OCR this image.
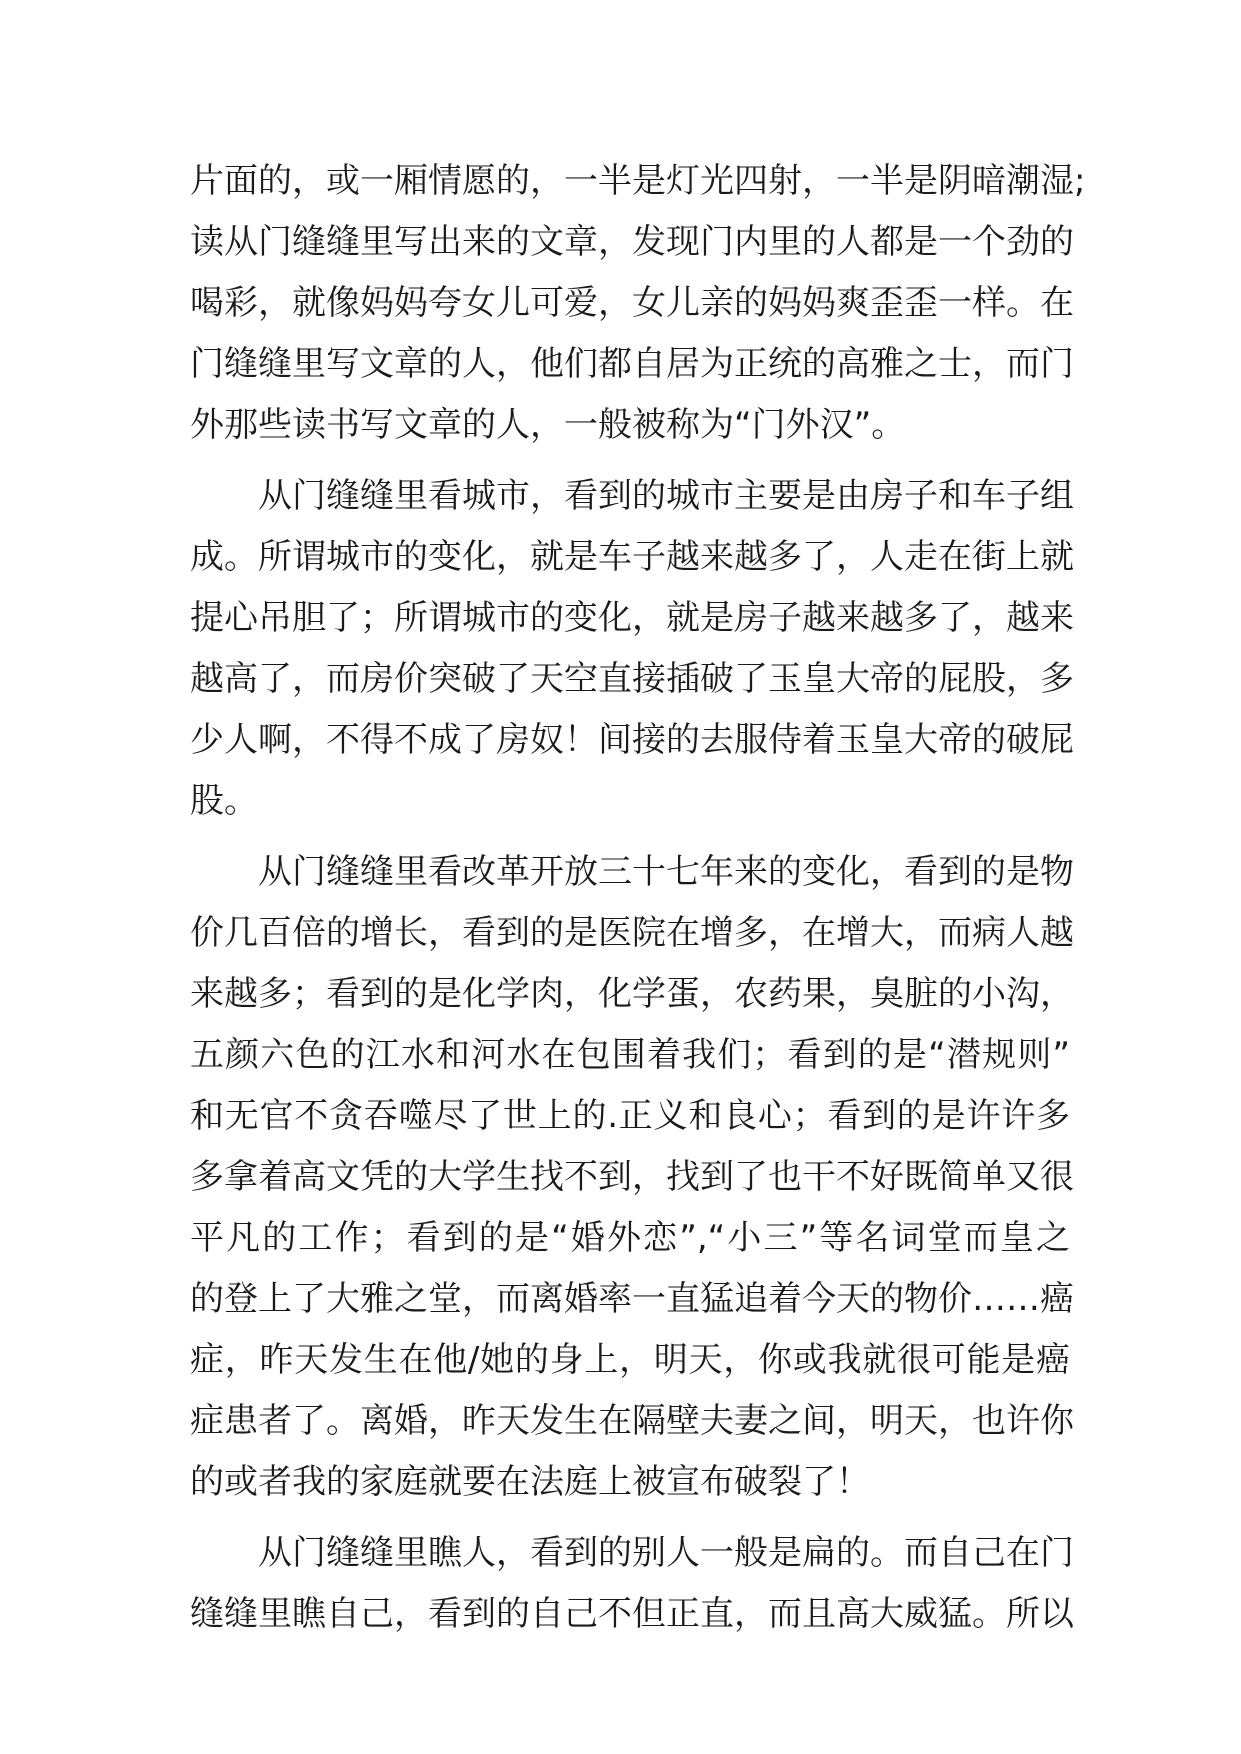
片面的，或一厢情愿的，一半是灯光四射，一半是阴暗潮湿;
读从门缝缝里写出来的文章，发现门内里的人都是一个劲的
喝彩，就像妈妈夸女儿可爱，女儿亲的妈妈爽歪歪一样。在
门缝缝里写文章的人，他们都自居为正统的高雅之士，而门
外那些读书写文章的人，一般被称为“门外汉”。
从门缝缝里看城市，看到的城市主要是由房子和车子组
成。所谓城市的变化，就是车子越来越多了，人走在街上就
提心吊胆了；所谓城市的变化，就是房子越来越多了，越来
越高了，而房价突破了天空直接插破了玉皇大帝的屁股，多
少人啊，不得不成了房奴！间接的去服侍着玉皇大帝的破屁
股。
从门缝缝里看改革开放三十七年来的变化，看到的是物
价几百倍的增长，看到的是医院在增多，在增大，而病人越
来越多；看到的是化学肉，化学蛋，农药果，臭脏的小沟，
五颜六色的江水和河水在包围着我们；看到的是“潜规则”
和无官不贪吞噬尽了世上的.正义和良心；看到的是许许多
多拿着高文凭的大学生找不到，找到了也干不好既简单又很
平凡的工作；看到的是“婚外恋”,“小三”等名词堂而皇之
的登上了大雅之堂，而离婚率一直猛追着今天的物价……癌
症，昨天发生在他/她的身上，明天，你或我就很可能是癌
症患者了。离婚，昨天发生在隔壁夫妻之间，明天，也许你
的或者我的家庭就要在法庭上被宣布破裂了！
从门缝缝里瞧人，看到的别人一般是扁的。而自己在门
缝缝里瞧自己，看到的自己不但正直，而且高大威猛。所以
